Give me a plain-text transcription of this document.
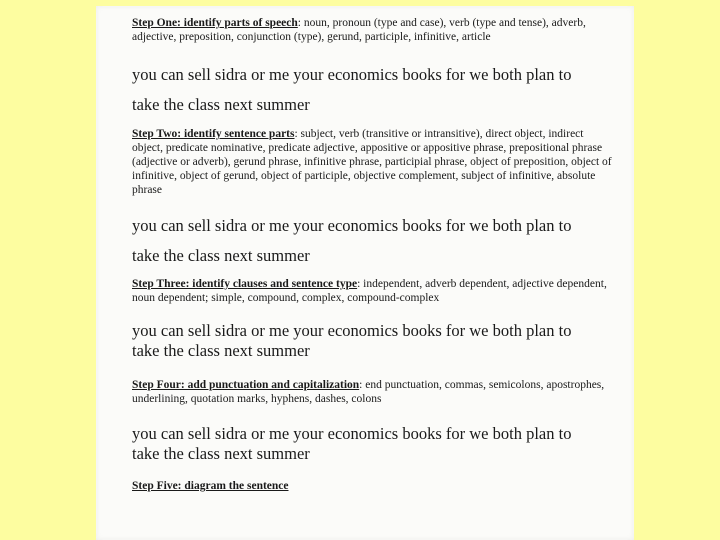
Step One: identify parts of speech: noun, pronoun (type and case), verb (type and tense), adverb, adjective, preposition, conjunction (type), gerund, participle, infinitive, article
you can sell sidra or me your economics books for we both plan to
take the class next summer
Step Two: identify sentence parts: subject, verb (transitive or intransitive), direct object, indirect object, predicate nominative, predicate adjective, appositive or appositive phrase, prepositional phrase (adjective or adverb), gerund phrase, infinitive phrase, participial phrase, object of preposition, object of infinitive, object of gerund, object of participle, objective complement, subject of infinitive, absolute phrase
you can sell sidra or me your economics books for we both plan to
take the class next summer
Step Three: identify clauses and sentence type: independent, adverb dependent, adjective dependent, noun dependent; simple, compound, complex, compound-complex
you can sell sidra or me your economics books for we both plan to
take the class next summer
Step Four: add punctuation and capitalization: end punctuation, commas, semicolons, apostrophes, underlining, quotation marks, hyphens, dashes, colons
you can sell sidra or me your economics books for we both plan to
take the class next summer
Step Five: diagram the sentence
